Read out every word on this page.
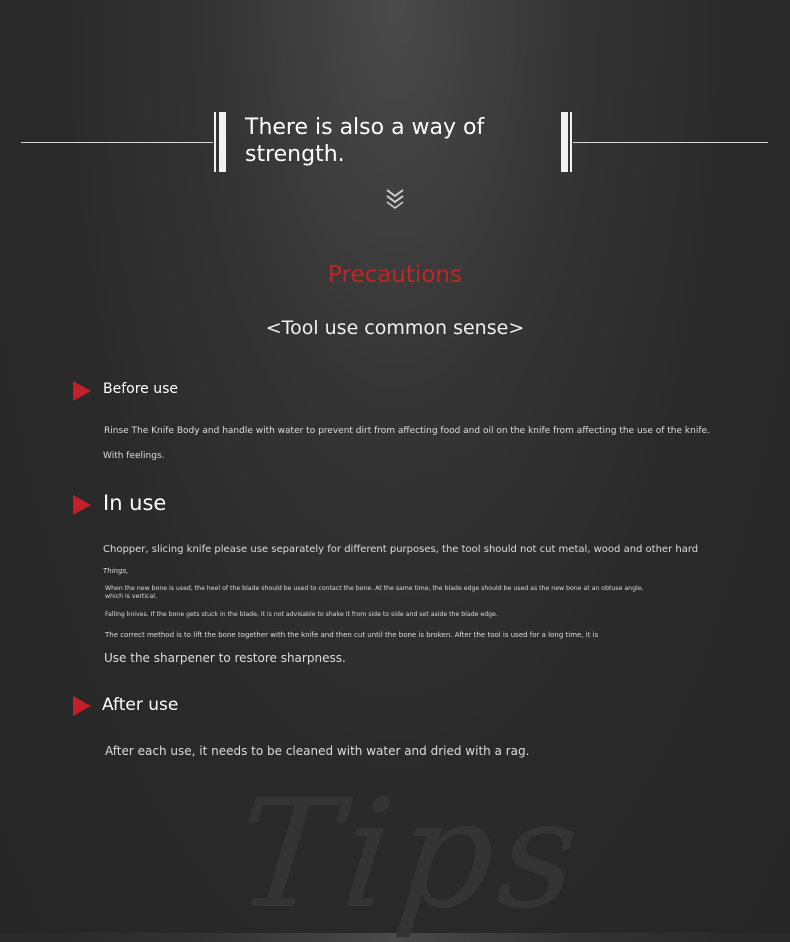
There is also a way of
strength.
Precautions
<Tool use common sense>
Before use
Rinse The Knife Body and handle with water to prevent dirt from affecting food and oil on the knife from affecting the use of the knife.
With feelings.
In use
Chopper, slicing knife please use separately for different purposes, the tool should not cut metal, wood and other hard
Things,
When the new bone is used, the heel of the blade should be used to contact the bone. At the same time, the blade edge should be used as the new bone at an obtuse angle,
which is vertical.
Falling knives. If the bone gets stuck in the blade, it is not advisable to shake it from side to side and set aside the blade edge.
The correct method is to lift the bone together with the knife and then cut until the bone is broken. After the tool is used for a long time, it is
Use the sharpener to restore sharpness.
After use
After each use, it needs to be cleaned with water and dried with a rag.
Tips
